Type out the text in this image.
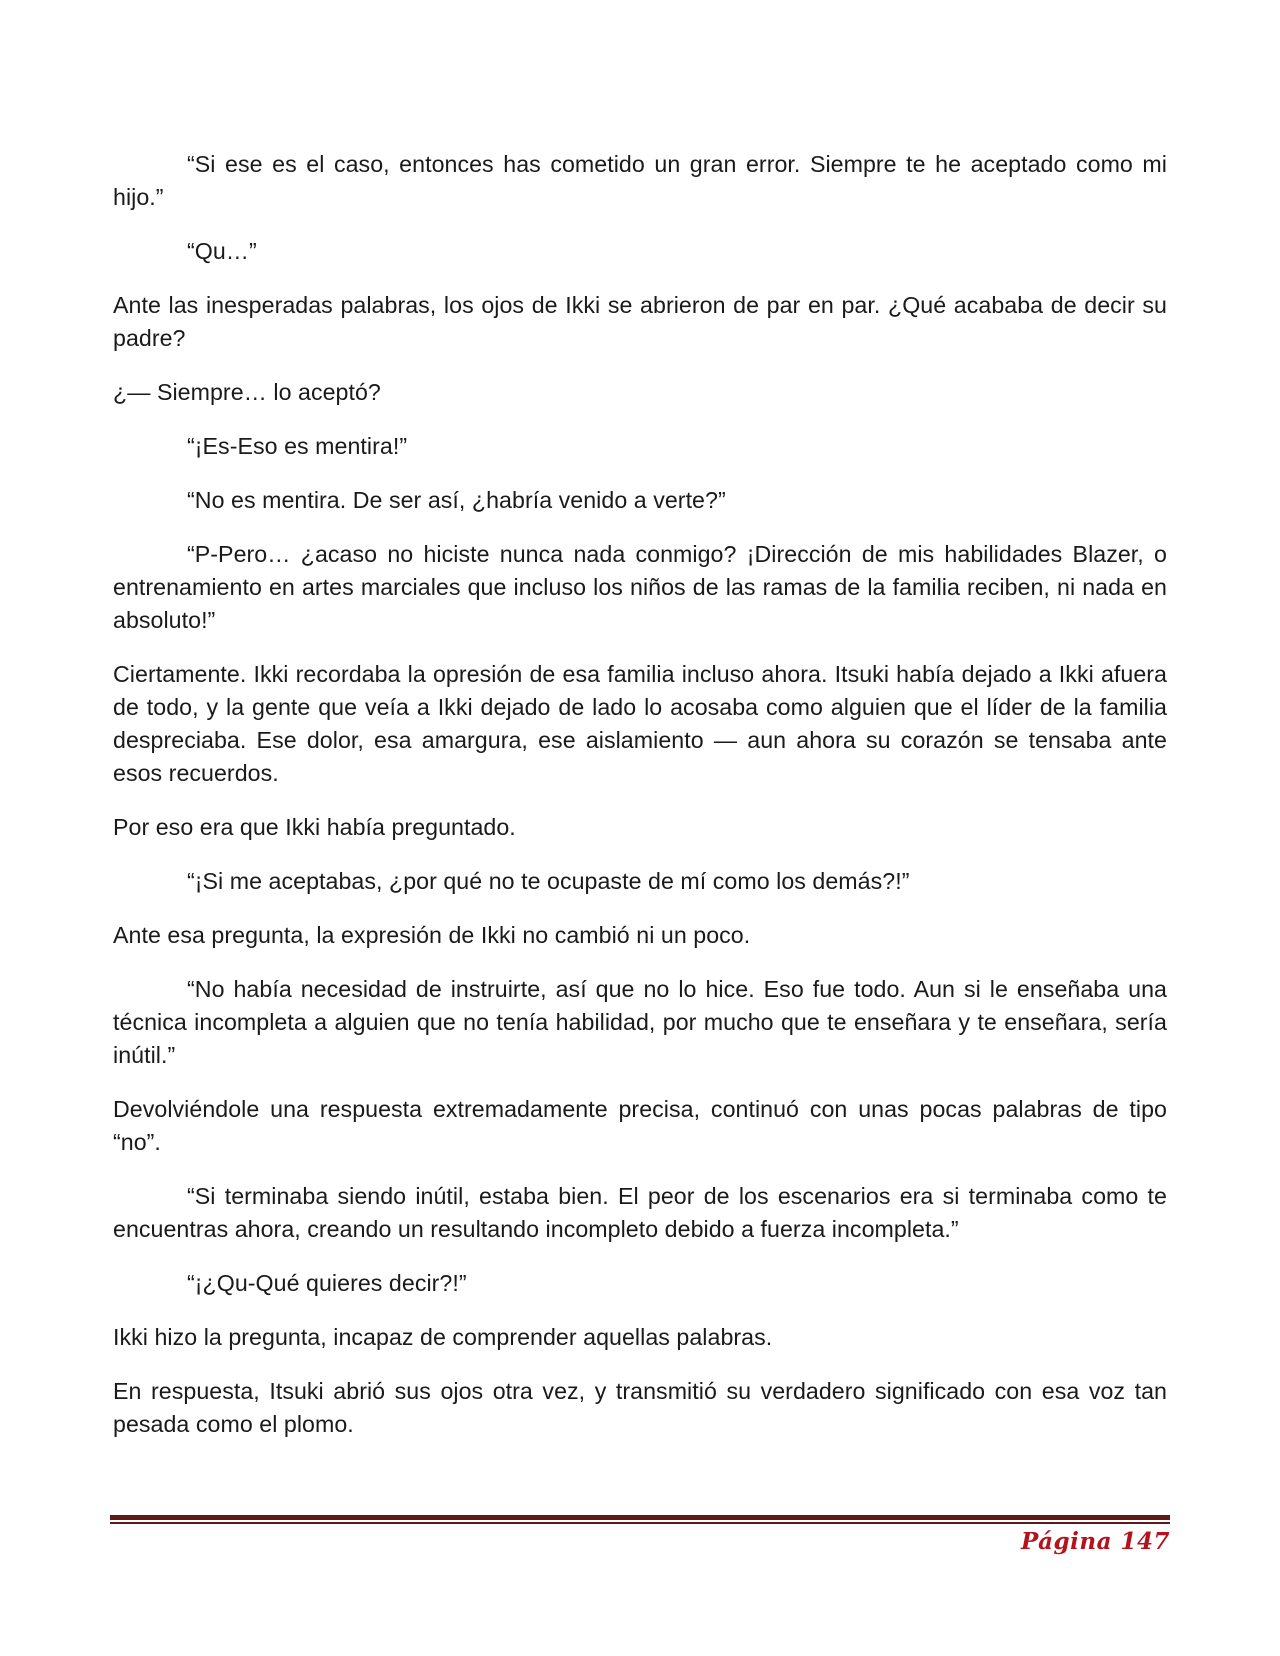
“Si ese es el caso, entonces has cometido un gran error. Siempre te he aceptado como mi hijo.”

“Qu…”

Ante las inesperadas palabras, los ojos de Ikki se abrieron de par en par. ¿Qué acababa de decir su padre?

¿— Siempre… lo aceptó?

“¡Es-Eso es mentira!”

“No es mentira. De ser así, ¿habría venido a verte?”

“P-Pero… ¿acaso no hiciste nunca nada conmigo? ¡Dirección de mis habilidades Blazer, o entrenamiento en artes marciales que incluso los niños de las ramas de la familia reciben, ni nada en absoluto!”

Ciertamente. Ikki recordaba la opresión de esa familia incluso ahora. Itsuki había dejado a Ikki afuera de todo, y la gente que veía a Ikki dejado de lado lo acosaba como alguien que el líder de la familia despreciaba. Ese dolor, esa amargura, ese aislamiento — aun ahora su corazón se tensaba ante esos recuerdos.

Por eso era que Ikki había preguntado.

“¡Si me aceptabas, ¿por qué no te ocupaste de mí como los demás?!”

Ante esa pregunta, la expresión de Ikki no cambió ni un poco.

“No había necesidad de instruirte, así que no lo hice. Eso fue todo. Aun si le enseñaba una técnica incompleta a alguien que no tenía habilidad, por mucho que te enseñara y te enseñara, sería inútil.”

Devolviéndole una respuesta extremadamente precisa, continuó con unas pocas palabras de tipo “no”.

“Si terminaba siendo inútil, estaba bien. El peor de los escenarios era si terminaba como te encuentras ahora, creando un resultando incompleto debido a fuerza incompleta.”

“¡¿Qu-Qué quieres decir?!”

Ikki hizo la pregunta, incapaz de comprender aquellas palabras.

En respuesta, Itsuki abrió sus ojos otra vez, y transmitió su verdadero significado con esa voz tan pesada como el plomo.

Página 147
